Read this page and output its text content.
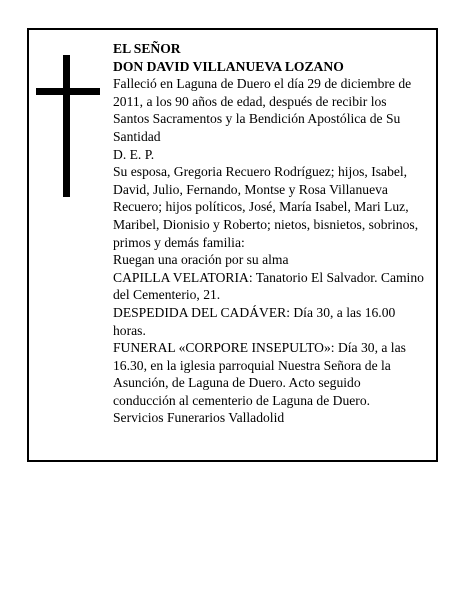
EL SEÑOR

DON DAVID VILLANUEVA LOZANO

Falleció en Laguna de Duero el día 29 de diciembre de 2011, a los 90 años de edad, después de recibir los Santos Sacramentos y la Bendición Apostólica de Su Santidad

D. E. P.

Su esposa, Gregoria Recuero Rodríguez; hijos, Isabel, David, Julio, Fernando, Montse y Rosa Villanueva Recuero; hijos políticos, José, María Isabel, Mari Luz, Maribel, Dionisio y Roberto; nietos, bisnietos, sobrinos, primos y demás familia:

Ruegan una oración por su alma

CAPILLA VELATORIA: Tanatorio El Salvador. Camino del Cementerio, 21.

DESPEDIDA DEL CADÁVER: Día 30, a las 16.00 horas.

FUNERAL «CORPORE INSEPULTO»: Día 30, a las 16.30, en la iglesia parroquial Nuestra Señora de la Asunción, de Laguna de Duero. Acto seguido conducción al cementerio de Laguna de Duero.

Servicios Funerarios Valladolid
